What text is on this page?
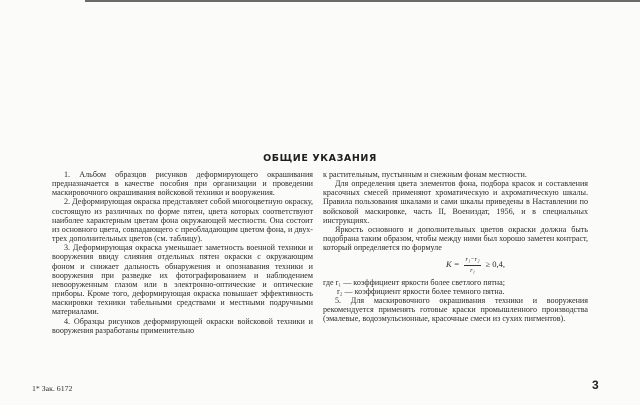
ОБЩИЕ УКАЗАНИЯ

1. Альбом образцов рисунков деформирующего окрашивания предназначается в качестве пособия при организации и проведении маскировочного окрашивания войсковой техники и вооружения.

2. Деформирующая окраска представляет собой многоцветную окраску, состоящую из различных по форме пятен, цвета которых соответствуют наиболее характерным цветам фона окружающей местности. Она состоит из основного цвета, совпадающего с преобладающим цветом фона, и двух-трех дополнительных цветов (см. таблицу).

3. Деформирующая окраска уменьшает заметность военной техники и вооружения ввиду слияния отдельных пятен окраски с окружающим фоном и снижает дальность обнаружения и опознавания техники и вооружения при разведке их фотографированием и наблюдением невооруженным глазом или в электронно-оптические и оптические приборы. Кроме того, деформирующая окраска повышает эффективность маскировки техники табельными средствами и местными подручными материалами.

4. Образцы рисунков деформирующей окраски войсковой техники и вооружения разработаны применительно

к растительным, пустынным и снежным фонам местности.

Для определения цвета элементов фона, подбора красок и составления красочных смесей применяют хроматическую и ахроматическую шкалы. Правила пользования шкалами и сами шкалы приведены в Наставлении по войсковой маскировке, часть II, Воениздат, 1956, и в специальных инструкциях.

Яркость основного и дополнительных цветов окраски должна быть подобрана таким образом, чтобы между ними был хорошо заметен контраст, который определяется по формуле

$K = \frac{\text{r₁−r₂}}{\text{r₁}} \ge 0,4$,

где r₁ — коэффициент яркости более светлого пятна;

r₂ — коэффициент яркости более темного пятна.

5. Для маскировочного окрашивания техники и вооружения рекомендуется применять готовые краски промышленного производства (эмалевые, водоэмульсионные, красочные смеси из сухих пигментов).

1* Зак. 6172	3
